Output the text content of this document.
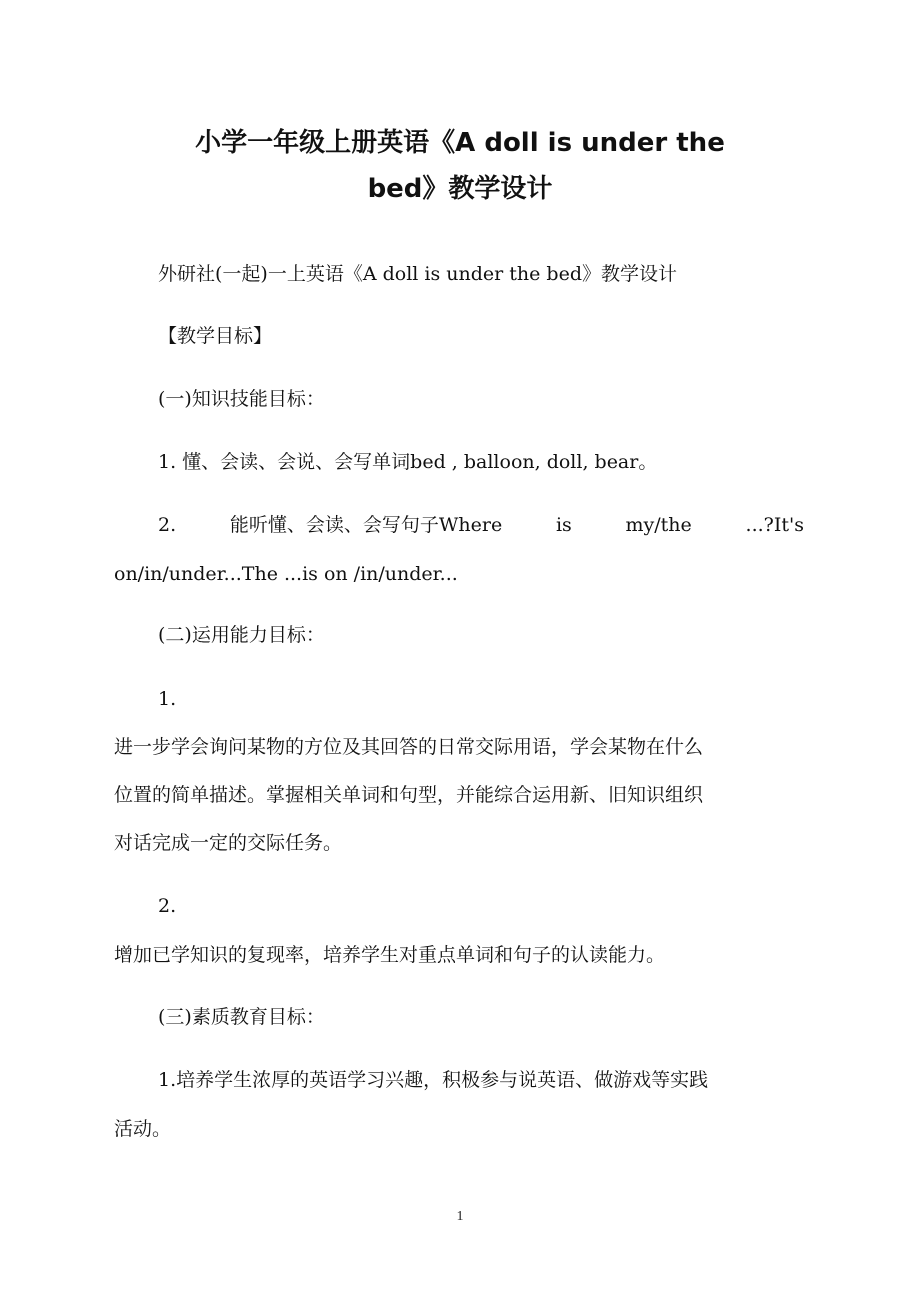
小学一年级上册英语《A doll is under the
bed》教学设计
外研社(一起)一上英语《A doll is under the bed》教学设计
【教学目标】
(一)知识技能目标：
1. 懂、会读、会说、会写单词bed , balloon, doll, bear。
2.	能听懂、会读、会写句子Where	is	my/the	...?It's
on/in/under...The ...is on /in/under...
(二)运用能力目标：
1.
进一步学会询问某物的方位及其回答的日常交际用语，学会某物在什么
位置的简单描述。掌握相关单词和句型，并能综合运用新、旧知识组织
对话完成一定的交际任务。
2.
增加已学知识的复现率，培养学生对重点单词和句子的认读能力。
(三)素质教育目标：
1.培养学生浓厚的英语学习兴趣，积极参与说英语、做游戏等实践
活动。
1
